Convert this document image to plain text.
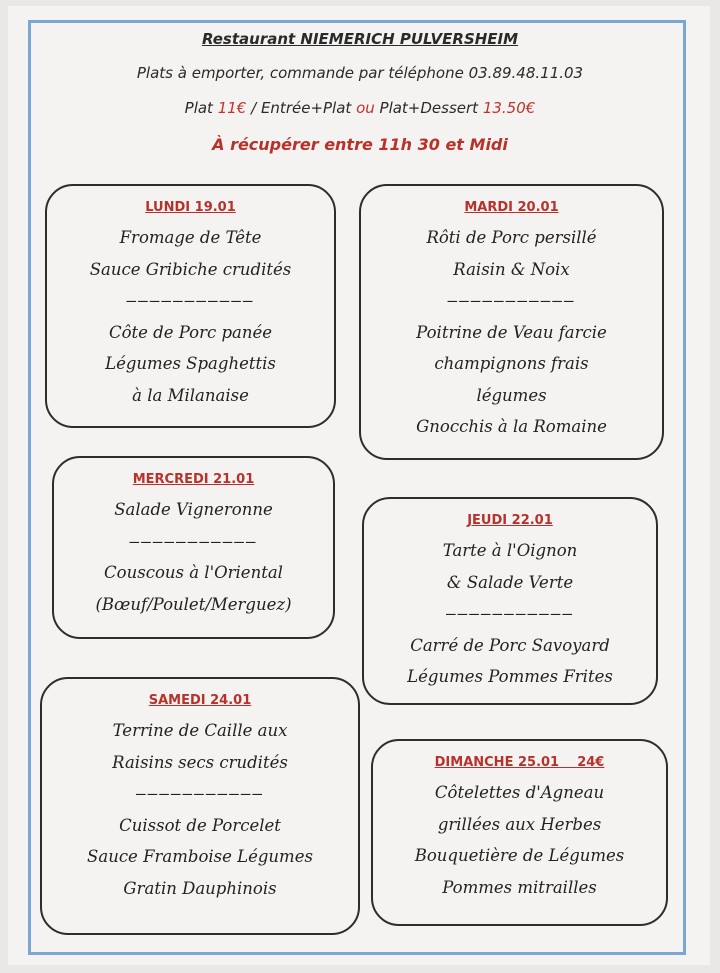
Restaurant NIEMERICH PULVERSHEIM
Plats à emporter, commande par téléphone 03.89.48.11.03
Plat 11€ / Entrée+Plat ou Plat+Dessert 13.50€
À récupérer entre 11h 30 et Midi
LUNDI 19.01
Fromage de Tête
Sauce Gribiche crudités
———————————
Côte de Porc panée
Légumes Spaghettis
à la Milanaise
MARDI 20.01
Rôti de Porc persillé
Raisin & Noix
———————————
Poitrine de Veau farcie
champignons frais
légumes
Gnocchis à la Romaine
MERCREDI 21.01
Salade Vigneronne
———————————
Couscous à l'Oriental
(Bœuf/Poulet/Merguez)
JEUDI 22.01
Tarte à l'Oignon
& Salade Verte
———————————
Carré de Porc Savoyard
Légumes Pommes Frites
SAMEDI 24.01
Terrine de Caille aux
Raisins secs crudités
———————————
Cuissot de Porcelet
Sauce Framboise Légumes
Gratin Dauphinois
DIMANCHE 25.01    24€
Côtelettes d'Agneau
grillées aux Herbes
Bouquetière de Légumes
Pommes mitrailles
